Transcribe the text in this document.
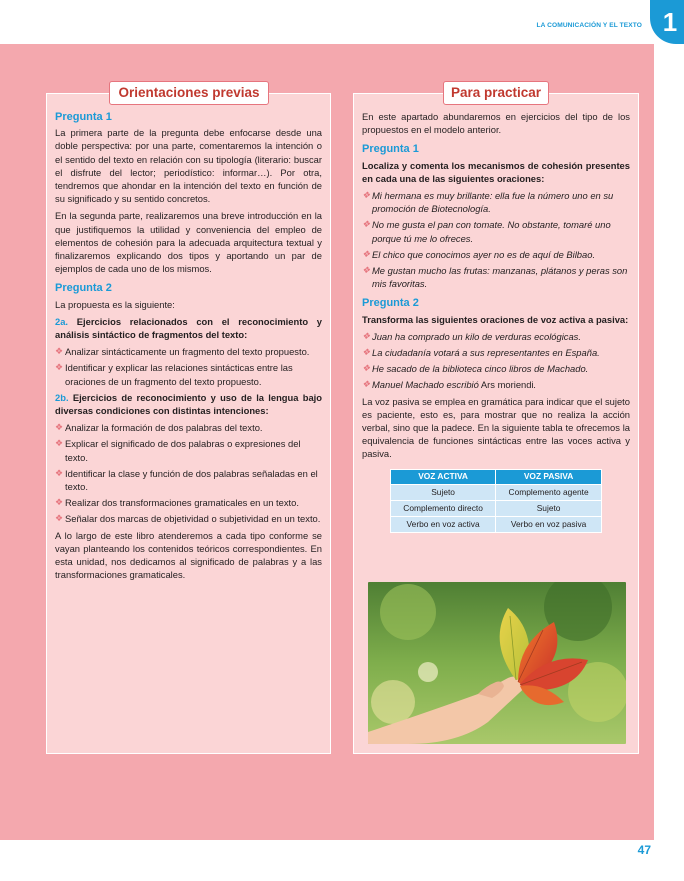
LA COMUNICACIÓN Y EL TEXTO 1
Orientaciones previas
Pregunta 1

La primera parte de la pregunta debe enfocarse desde una doble perspectiva: por una parte, comentaremos la intención o el sentido del texto en relación con su tipología (literario: buscar el disfrute del lector; periodístico: informar…). Por otra, tendremos que ahondar en la intención del texto en función de su significado y su sentido concretos.

En la segunda parte, realizaremos una breve introducción en la que justifiquemos la utilidad y conveniencia del empleo de elementos de cohesión para la adecuada arquitectura textual y finalizaremos explicando dos tipos y aportando un par de ejemplos de cada uno de los mismos.

Pregunta 2

La propuesta es la siguiente:

2a. Ejercicios relacionados con el reconocimiento y análisis sintáctico de fragmentos del texto:

❖ Analizar sintácticamente un fragmento del texto propuesto.
❖ Identificar y explicar las relaciones sintácticas entre las oraciones de un fragmento del texto propuesto.

2b. Ejercicios de reconocimiento y uso de la lengua bajo diversas condiciones con distintas intenciones:

❖ Analizar la formación de dos palabras del texto.
❖ Explicar el significado de dos palabras o expresiones del texto.
❖ Identificar la clase y función de dos palabras señaladas en el texto.
❖ Realizar dos transformaciones gramaticales en un texto.
❖ Señalar dos marcas de objetividad o subjetividad en un texto.

A lo largo de este libro atenderemos a cada tipo conforme se vayan planteando los contenidos teóricos correspondientes. En esta unidad, nos dedicamos al significado de palabras y a las transformaciones gramaticales.

Para practicar

En este apartado abundaremos en ejercicios del tipo de los propuestos en el modelo anterior.

Pregunta 1

Localiza y comenta los mecanismos de cohesión presentes en cada una de las siguientes oraciones:

❖ Mi hermana es muy brillante: ella fue la número uno en su promoción de Biotecnología.
❖ No me gusta el pan con tomate. No obstante, tomaré uno porque tú me lo ofreces.
❖ El chico que conocimos ayer no es de aquí de Bilbao.
❖ Me gustan mucho las frutas: manzanas, plátanos y peras son mis favoritas.
Pregunta 2

Transforma las siguientes oraciones de voz activa a pasiva:

❖ Juan ha comprado un kilo de verduras ecológicas.
❖ La ciudadanía votará a sus representantes en España.
❖ He sacado de la biblioteca cinco libros de Machado.
❖ Manuel Machado escribió Ars moriendi.

La voz pasiva se emplea en gramática para indicar que el sujeto es paciente, esto es, para mostrar que no realiza la acción verbal, sino que la padece. En la siguiente tabla te ofrecemos la equivalencia de funciones sintácticas entre las voces activa y pasiva.

VOZ ACTIVA	VOZ PASIVA
Sujeto	Complemento agente
Complemento directo	Sujeto
Verbo en voz activa	Verbo en voz pasiva
47
